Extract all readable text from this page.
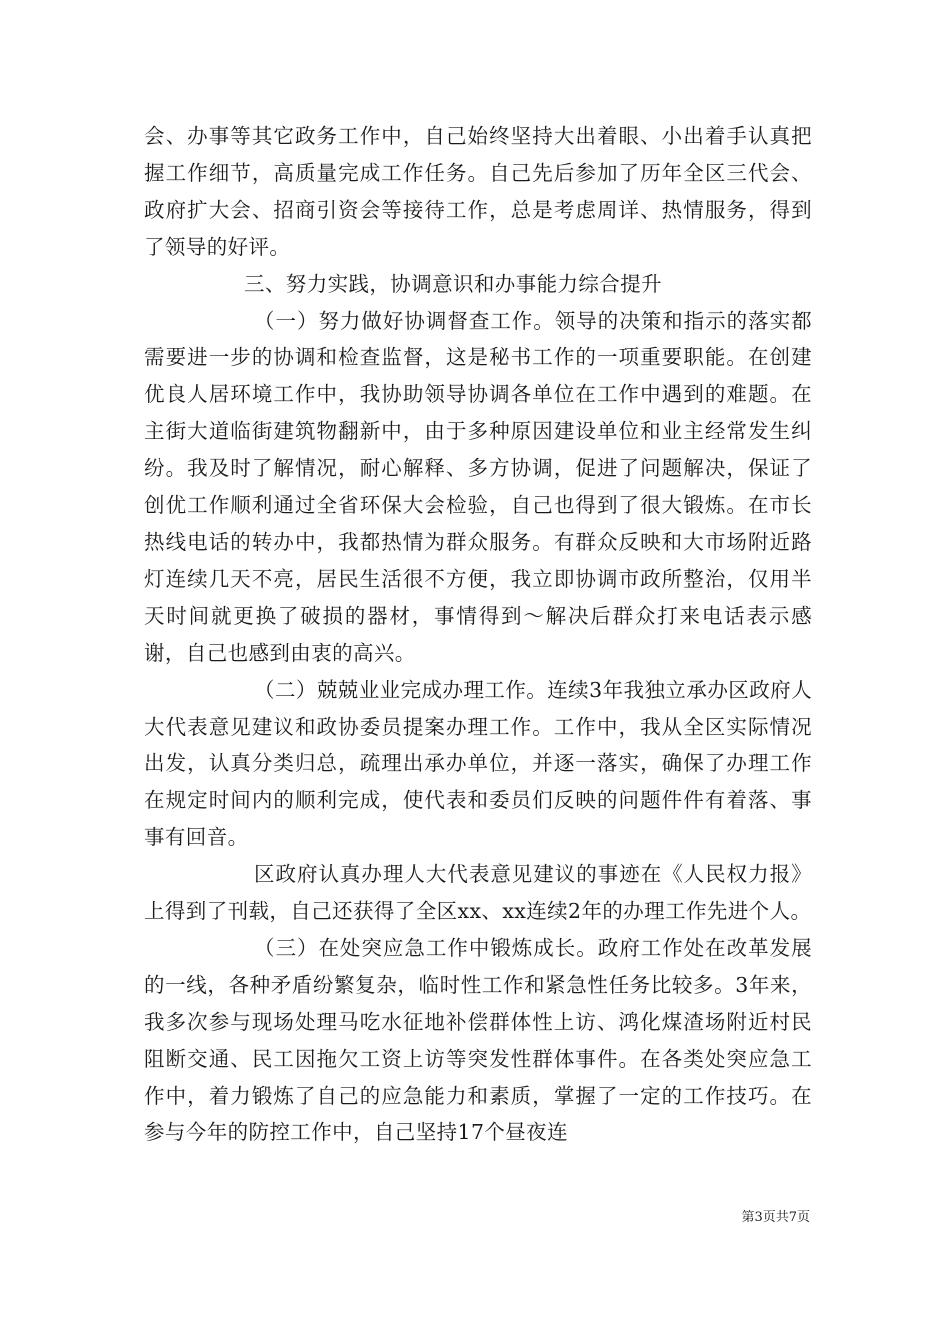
会、办事等其它政务工作中，自己始终坚持大出着眼、小出着手认真把握工作细节，高质量完成工作任务。自己先后参加了历年全区三代会、政府扩大会、招商引资会等接待工作，总是考虑周详、热情服务，得到了领导的好评。

三、努力实践，协调意识和办事能力综合提升

（一）努力做好协调督查工作。领导的决策和指示的落实都需要进一步的协调和检查监督，这是秘书工作的一项重要职能。在创建优良人居环境工作中，我协助领导协调各单位在工作中遇到的难题。在主街大道临街建筑物翻新中，由于多种原因建设单位和业主经常发生纠纷。我及时了解情况，耐心解释、多方协调，促进了问题解决，保证了创优工作顺利通过全省环保大会检验，自己也得到了很大锻炼。在市长热线电话的转办中，我都热情为群众服务。有群众反映和大市场附近路灯连续几天不亮，居民生活很不方便，我立即协调市政所整治，仅用半天时间就更换了破损的器材，事情得到～解决后群众打来电话表示感谢，自己也感到由衷的高兴。

（二）兢兢业业完成办理工作。连续3年我独立承办区政府人大代表意见建议和政协委员提案办理工作。工作中，我从全区实际情况出发，认真分类归总，疏理出承办单位，并逐一落实，确保了办理工作在规定时间内的顺利完成，使代表和委员们反映的问题件件有着落、事事有回音。

区政府认真办理人大代表意见建议的事迹在《人民权力报》上得到了刊载，自己还获得了全区xx、xx连续2年的办理工作先进个人。

（三）在处突应急工作中锻炼成长。政府工作处在改革发展的一线，各种矛盾纷繁复杂，临时性工作和紧急性任务比较多。3年来，我多次参与现场处理马吃水征地补偿群体性上访、鸿化煤渣场附近村民阻断交通、民工因拖欠工资上访等突发性群体事件。在各类处突应急工作中，着力锻炼了自己的应急能力和素质，掌握了一定的工作技巧。在参与今年的防控工作中，自己坚持17个昼夜连

第3页共7页
